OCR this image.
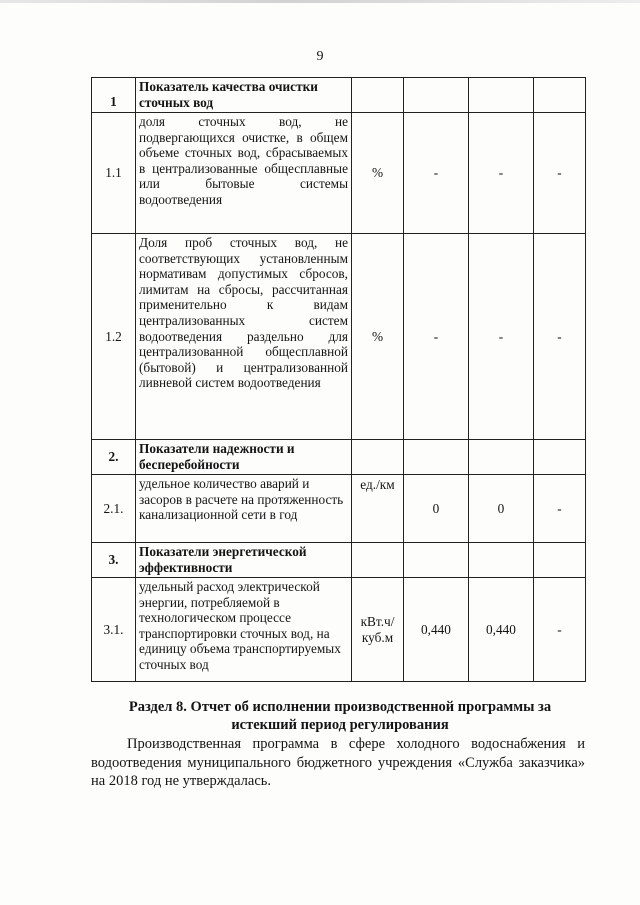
9
1	Показатель качества очистки сточных вод				

1.1	доля сточных вод, не подвергающихся очистке, в общем объеме сточных вод, сбрасываемых в централизованные общесплавные или бытовые системы водоотведения	%	-	-	-
1.2	Доля проб сточных вод, не соответствующих установленным нормативам допустимых сбросов, лимитам на сбросы, рассчитанная применительно к видам централизованных систем водоотведения раздельно для централизованной общесплавной (бытовой) и централизованной ливневой систем водоотведения	%	-	-	-
2.	Показатели надежности и бесперебойности				

2.1.	удельное количество аварий и засоров в расчете на протяженность канализационной сети в год	ед./км	0	0	-
3.	Показатели энергетической эффективности				

3.1.	удельный расход электрической энергии, потребляемой в технологическом процессе транспортировки сточных вод, на единицу объема транспортируемых сточных вод	кВт.ч/ куб.м	0,440	0,440	-
Раздел 8. Отчет об исполнении производственной программы за истекший период регулирования
Производственная программа в сфере холодного водоснабжения и водоотведения муниципального бюджетного учреждения «Служба заказчика» на 2018 год не утверждалась.
